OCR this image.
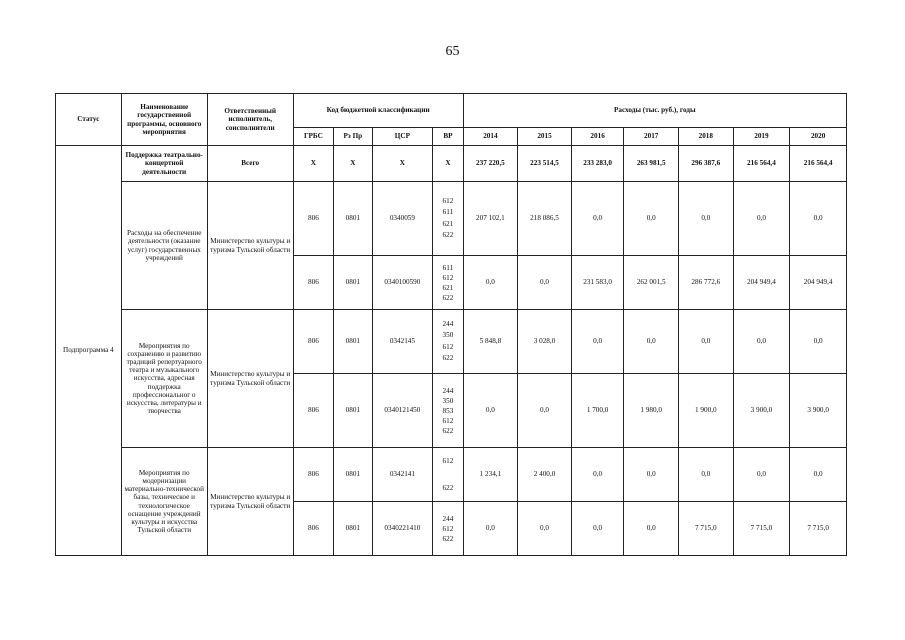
65
Статус	Наименование государственной программы, основного мероприятия	Ответственный исполнитель, соисполнители	Код бюджетной классификации				Расходы (тыс. руб.), годы						
			ГРБС	Рз Пр	ЦСР	ВР	2014	2015	2016	2017	2018	2019	2020
Подпрограмма 4	Поддержка театрально-концертной деятельности	Всего	Х	Х	Х	Х	237 220,5	223 514,5	233 283,0	263 981,5	296 387,6	216 564,4	216 564,4
	Расходы на обеспечение деятельности (оказание услуг) государственных учреждений	Министерство культуры и туризма Тульской области	806	0801	0340059	612
611
621
622	207 102,1	218 086,5	0,0	0,0	0,0	0,0	0,0
			806	0801	0340100590	611
612
621
622	0,0	0,0	231 583,0	262 001,5	286 772,6	204 949,4	204 949,4
	Мероприятия по сохранению и развитию традиций репертуарного театра и музыкального искусства, адресная поддержка профессиональног о искусства, литературы и творчества	Министерство культуры и туризма Тульской области	806	0801	0342145	244
350
612
622	5 848,8	3 028,0	0,0	0,0	0,0	0,0	0,0
			806	0801	0340121450	244
350
853
612
622	0,0	0,0	1 700,0	1 980,0	1 900,0	3 900,0	3 900,0
	Мероприятия по модернизации материально-технической базы, техническое и технологическое оснащение учреждений культуры и искусства Тульской области	Министерство культуры и туризма Тульской области	806	0801	0342141	612
622	1 234,1	2 400,0	0,0	0,0	0,0	0,0	0,0
			806	0801	0340221410	244
612
622	0,0	0,0	0,0	0,0	7 715,0	7 715,0	7 715,0
